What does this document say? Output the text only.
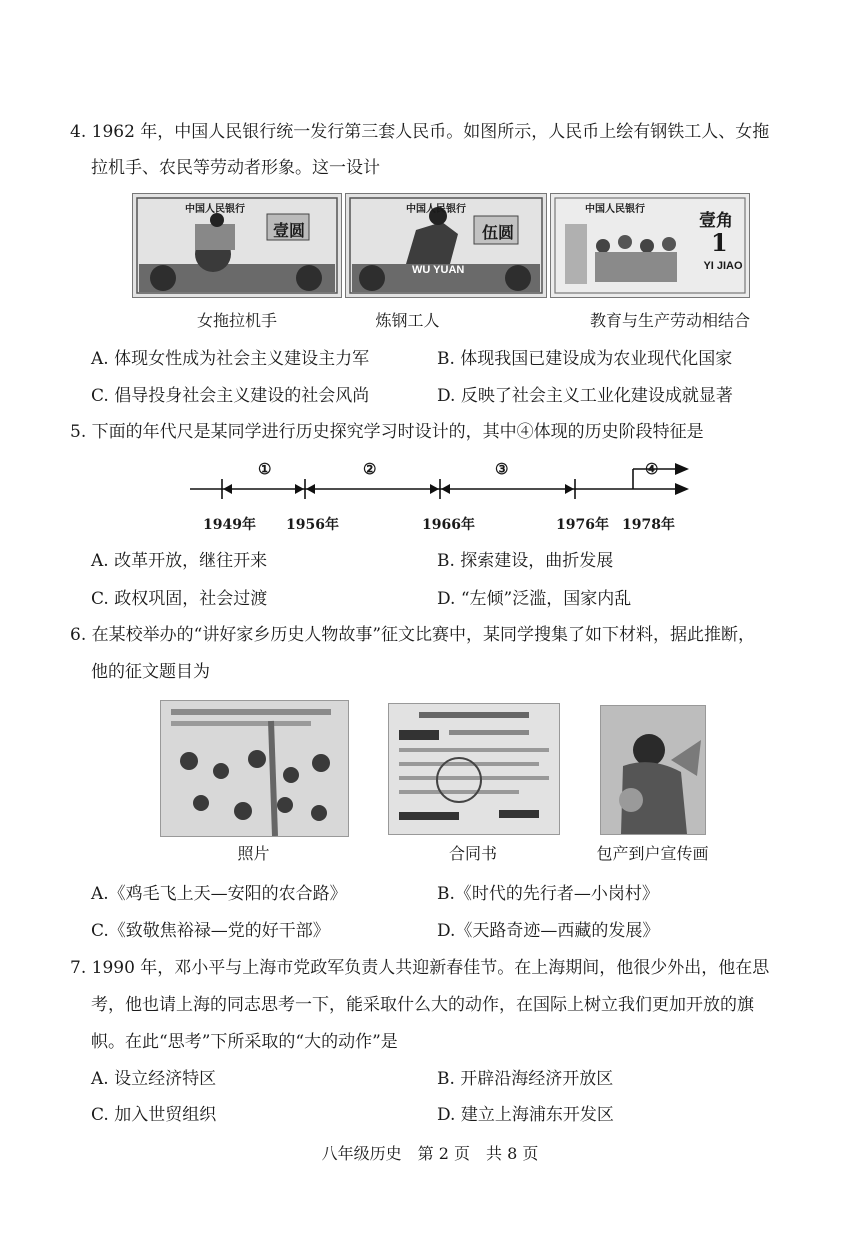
4. 1962 年，中国人民银行统一发行第三套人民币。如图所示，人民币上绘有钢铁工人、女拖
拉机手、农民等劳动者形象。这一设计
中国人民银行
壹圆
中国人民银行
伍圆
WU YUAN
中国人民银行
壹角
1
YI JIAO
女拖拉机手	炼钢工人	教育与生产劳动相结合
A. 体现女性成为社会主义建设主力军	B. 体现我国已建设成为农业现代化国家
C. 倡导投身社会主义建设的社会风尚	D. 反映了社会主义工业化建设成就显著
5. 下面的年代尺是某同学进行历史探究学习时设计的，其中④体现的历史阶段特征是
①	②	③	④
1949年 1956年	1966年	1976年 1978年
A. 改革开放，继往开来	B. 探索建设，曲折发展
C. 政权巩固，社会过渡	D. “左倾”泛滥，国家内乱
6. 在某校举办的“讲好家乡历史人物故事”征文比赛中，某同学搜集了如下材料，据此推断，
他的征文题目为
照片	合同书	包产到户宣传画
A.《鸡毛飞上天—安阳的农合路》	B.《时代的先行者—小岗村》
C.《致敬焦裕禄—党的好干部》	D.《天路奇迹—西藏的发展》
7. 1990 年，邓小平与上海市党政军负责人共迎新春佳节。在上海期间，他很少外出，他在思
考，他也请上海的同志思考一下，能采取什么大的动作，在国际上树立我们更加开放的旗
帜。在此“思考”下所采取的“大的动作”是
A. 设立经济特区	B. 开辟沿海经济开放区
C. 加入世贸组织	D. 建立上海浦东开发区
八年级历史　第 2 页　共 8 页
